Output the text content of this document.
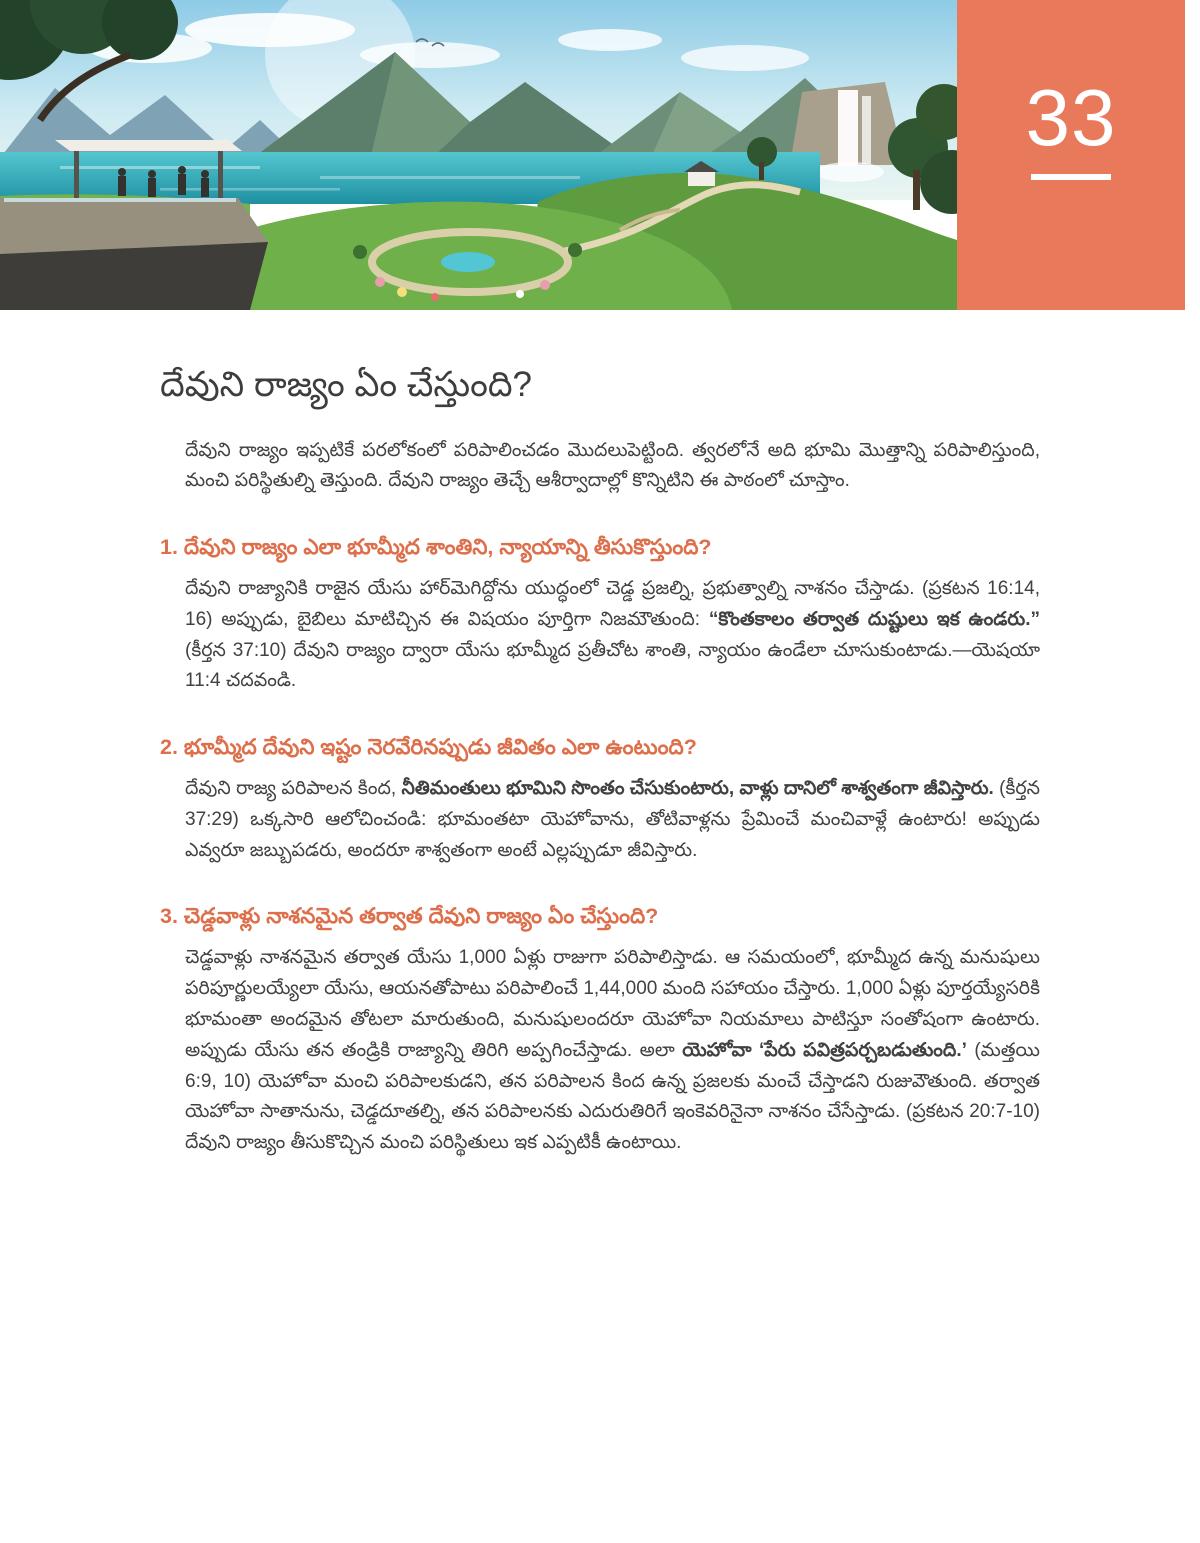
33
దేవుని రాజ్యం ఏం చేస్తుంది?

దేవుని రాజ్యం ఇప్పటికే పరలోకంలో పరిపాలించడం మొదలుపెట్టింది. త్వరలోనే అది భూమి మొత్తాన్ని పరిపాలిస్తుంది, మంచి పరిస్థితుల్ని తెస్తుంది. దేవుని రాజ్యం తెచ్చే ఆశీర్వాదాల్లో కొన్నిటిని ఈ పాఠంలో చూస్తాం.

1. దేవుని రాజ్యం ఎలా భూమ్మీద శాంతిని, న్యాయాన్ని తీసుకొస్తుంది?

దేవుని రాజ్యానికి రాజైన యేసు హార్‌మెగిద్దోను యుద్ధంలో చెడ్డ ప్రజల్ని, ప్రభుత్వాల్ని నాశనం చేస్తాడు. (ప్రకటన 16:14, 16) అప్పుడు, బైబిలు మాటిచ్చిన ఈ విషయం పూర్తిగా నిజమౌతుంది: “కొంతకాలం తర్వాత దుష్టులు ఇక ఉండరు.” (కీర్తన 37:10) దేవుని రాజ్యం ద్వారా యేసు భూమ్మీద ప్రతీచోట శాంతి, న్యాయం ఉండేలా చూసుకుంటాడు.—యెషయా 11:4 చదవండి.

2. భూమ్మీద దేవుని ఇష్టం నెరవేరినప్పుడు జీవితం ఎలా ఉంటుంది?

దేవుని రాజ్య పరిపాలన కింద, నీతిమంతులు భూమిని సొంతం చేసుకుంటారు, వాళ్లు దానిలో శాశ్వతంగా జీవిస్తారు. (కీర్తన 37:29) ఒక్కసారి ఆలోచించండి: భూమంతటా యెహోవాను, తోటివాళ్లను ప్రేమించే మంచివాళ్లే ఉంటారు! అప్పుడు ఎవ్వరూ జబ్బుపడరు, అందరూ శాశ్వతంగా అంటే ఎల్లప్పుడూ జీవిస్తారు.

3. చెడ్డవాళ్లు నాశనమైన తర్వాత దేవుని రాజ్యం ఏం చేస్తుంది?

చెడ్డవాళ్లు నాశనమైన తర్వాత యేసు 1,000 ఏళ్లు రాజుగా పరిపాలిస్తాడు. ఆ సమయంలో, భూమ్మీద ఉన్న మనుషులు పరిపూర్ణులయ్యేలా యేసు, ఆయనతోపాటు పరిపాలించే 1,44,000 మంది సహాయం చేస్తారు. 1,000 ఏళ్లు పూర్తయ్యేసరికి భూమంతా అందమైన తోటలా మారుతుంది, మనుషులందరూ యెహోవా నియమాలు పాటిస్తూ సంతోషంగా ఉంటారు. అప్పుడు యేసు తన తండ్రికి రాజ్యాన్ని తిరిగి అప్పగించేస్తాడు. అలా యెహోవా ‘పేరు పవిత్రపర్చబడుతుంది.’ (మత్తయి 6:9, 10) యెహోవా మంచి పరిపాలకుడని, తన పరిపాలన కింద ఉన్న ప్రజలకు మంచే చేస్తాడని రుజువౌతుంది. తర్వాత యెహోవా సాతానును, చెడ్డదూతల్ని, తన పరిపాలనకు ఎదురుతిరిగే ఇంకెవరినైనా నాశనం చేసేస్తాడు. (ప్రకటన 20:7-10) దేవుని రాజ్యం తీసుకొచ్చిన మంచి పరిస్థితులు ఇక ఎప్పటికీ ఉంటాయి.
